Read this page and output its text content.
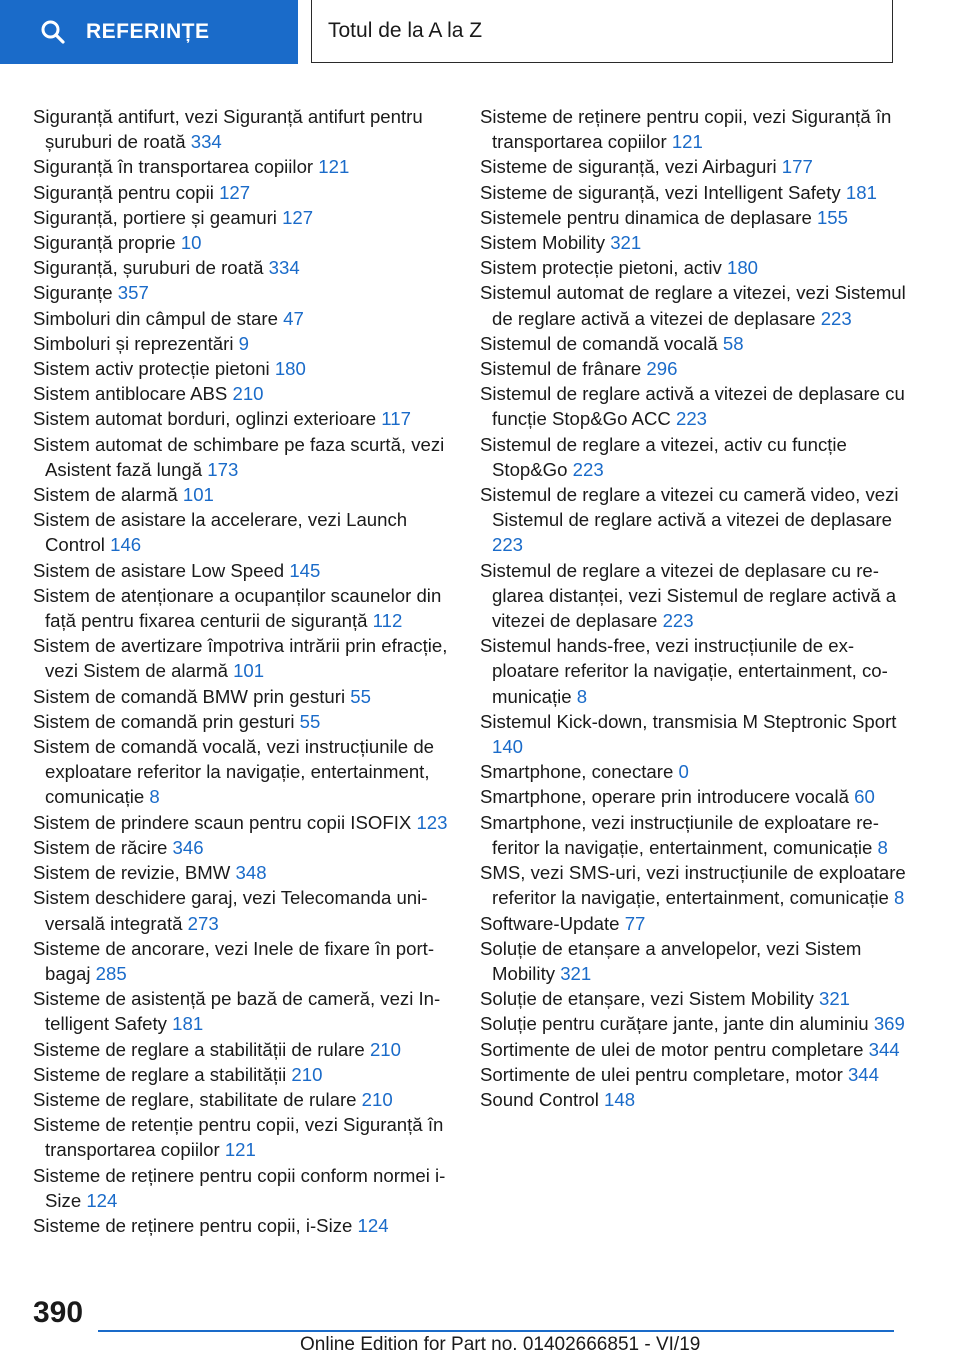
REFERINȚE	Totul de la A la Z

Siguranță antifurt, vezi Siguranță antifurt pentru șuruburi de roată 334

Siguranță în transportarea copiilor 121

Siguranță pentru copii 127

Siguranță, portiere și geamuri 127

Siguranță proprie 10

Siguranță, șuruburi de roată 334

Siguranțe 357

Simboluri din câmpul de stare 47

Simboluri și reprezentări 9

Sistem activ protecție pietoni 180

Sistem antiblocare ABS 210

Sistem automat borduri, oglinzi exterioare 117

Sistem automat de schimbare pe faza scurtă, vezi Asistent fază lungă 173

Sistem de alarmă 101

Sistem de asistare la accelerare, vezi Launch Control 146

Sistem de asistare Low Speed 145

Sistem de atenționare a ocupanților scaunelor din față pentru fixarea centurii de siguranță 112

Sistem de avertizare împotriva intrării prin efracție, vezi Sistem de alarmă 101

Sistem de comandă BMW prin gesturi 55

Sistem de comandă prin gesturi 55

Sistem de comandă vocală, vezi instrucțiunile de exploatare referitor la navigație, entertainment, comunicație 8

Sistem de prindere scaun pentru copii ISOFIX 123

Sistem de răcire 346

Sistem de revizie, BMW 348

Sistem deschidere garaj, vezi Telecomanda universală integrată 273

Sisteme de ancorare, vezi Inele de fixare în portbagaj 285

Sisteme de asistență pe bază de cameră, vezi Intelligent Safety 181

Sisteme de reglare a stabilității de rulare 210

Sisteme de reglare a stabilității 210

Sisteme de reglare, stabilitate de rulare 210

Sisteme de retenție pentru copii, vezi Siguranță în transportarea copiilor 121

Sisteme de reținere pentru copii conform normei i-Size 124

Sisteme de reținere pentru copii, i-Size 124

Sisteme de reținere pentru copii, vezi Siguranță în transportarea copiilor 121

Sisteme de siguranță, vezi Airbaguri 177

Sisteme de siguranță, vezi Intelligent Safety 181

Sistemele pentru dinamica de deplasare 155

Sistem Mobility 321

Sistem protecție pietoni, activ 180

Sistemul automat de reglare a vitezei, vezi Sistemul de reglare activă a vitezei de deplasare 223

Sistemul de comandă vocală 58

Sistemul de frânare 296

Sistemul de reglare activă a vitezei de deplasare cu funcție Stop&Go ACC 223

Sistemul de reglare a vitezei, activ cu funcție Stop&Go 223

Sistemul de reglare a vitezei cu cameră video, vezi Sistemul de reglare activă a vitezei de deplasare 223

Sistemul de reglare a vitezei de deplasare cu reglarea distanței, vezi Sistemul de reglare activă a vitezei de deplasare 223

Sistemul hands-free, vezi instrucțiunile de exploatare referitor la navigație, entertainment, comunicație 8

Sistemul Kick-down, transmisia M Steptronic Sport 140

Smartphone, conectare 0

Smartphone, operare prin introducere vocală 60

Smartphone, vezi instrucțiunile de exploatare referitor la navigație, entertainment, comunicație 8

SMS, vezi SMS-uri, vezi instrucțiunile de exploatare referitor la navigație, entertainment, comunicație 8

Software-Update 77

Soluție de etanșare a anvelopelor, vezi Sistem Mobility 321

Soluție de etanșare, vezi Sistem Mobility 321

Soluție pentru curățare jante, jante din aluminiu 369

Sortimente de ulei de motor pentru completare 344

Sortimente de ulei pentru completare, motor 344

Sound Control 148

390
Online Edition for Part no. 01402666851 - VI/19
